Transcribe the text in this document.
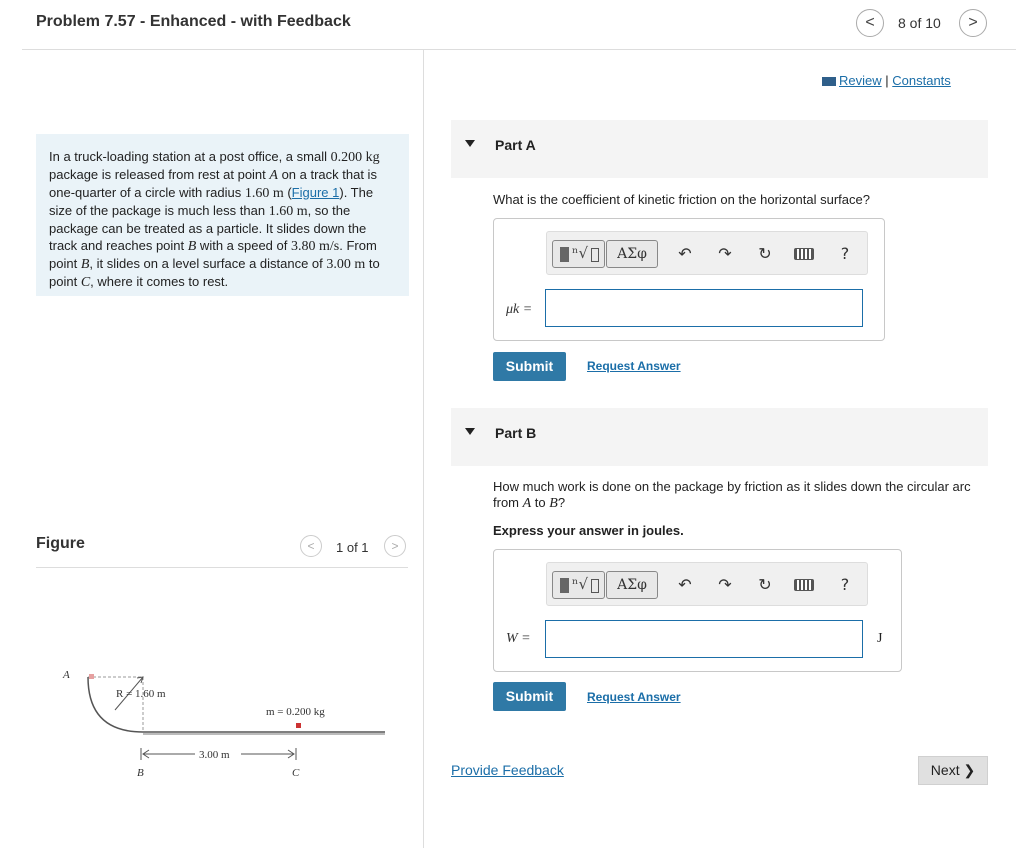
Problem 7.57 - Enhanced - with Feedback	<	8 of 10	>
In a truck-loading station at a post office, a small 0.200 kg package is released from rest at point A on a track that is one-quarter of a circle with radius 1.60 m (Figure 1). The size of the package is much less than 1.60 m, so the package can be treated as a particle. It slides down the track and reaches point B with a speed of 3.80 m/s. From point B, it slides on a level surface a distance of 3.00 m to point C, where it comes to rest.
Figure	<	1 of 1	>
A
R = 1.60 m
m = 0.200 kg
3.00 m
B	C
Review | Constants
Part A
What is the coefficient of kinetic friction on the horizontal surface?
ⁿ√	ΑΣφ	↶ ↷ ↻	?
μk =
Submit	Request Answer
Part B
How much work is done on the package by friction as it slides down the circular arc from A to B?
Express your answer in joules.
ⁿ√	ΑΣφ	↶ ↷ ↻	?
W =	J
Submit	Request Answer
Provide Feedback	Next ❯
